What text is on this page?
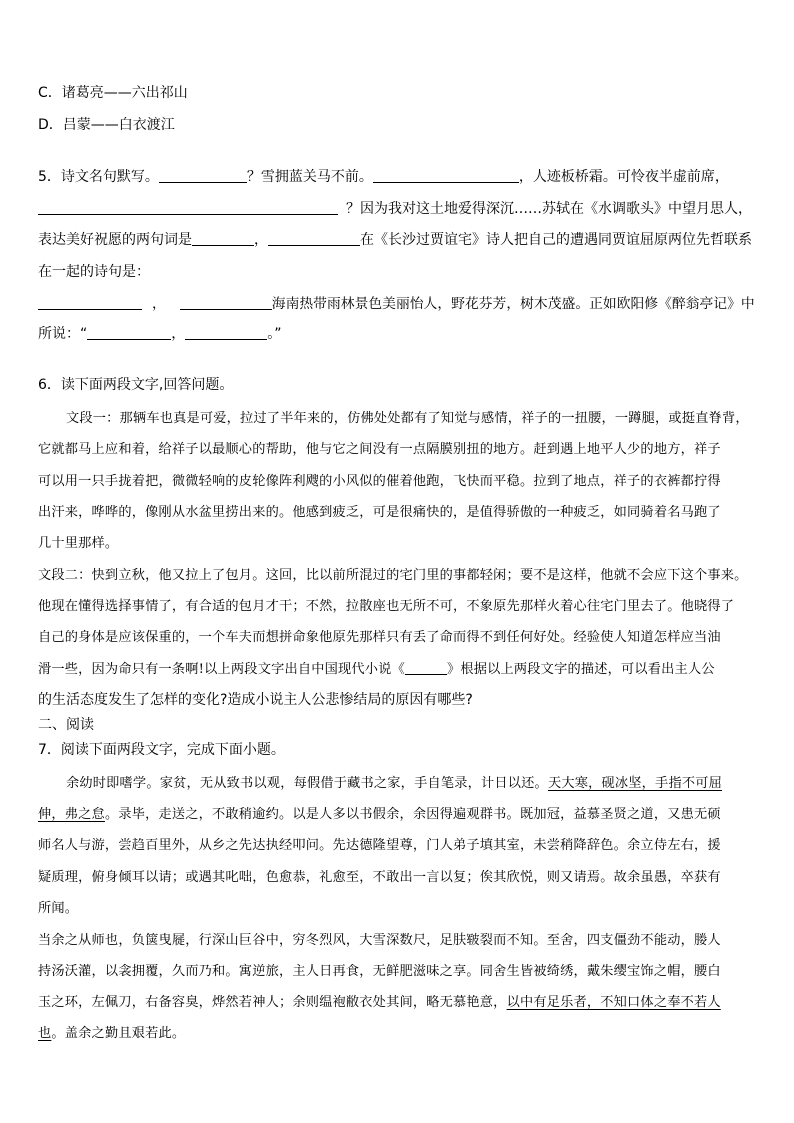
C．诸葛亮——六出祁山
D．吕蒙——白衣渡江
5．诗文名句默写。	？雪拥蓝关马不前。	，人迹板桥霜。可怜夜半虚前席，
？因为我对这土地爱得深沉……苏轼在《水调歌头》中望月思人，
表达美好祝愿的两句词是	，	在《长沙过贾谊宅》诗人把自己的遭遇同贾谊屈原两位先哲联系
在一起的诗句是：
，	海南热带雨林景色美丽怡人，野花芬芳，树木茂盛。正如欧阳修《醉翁亭记》中
所说：“	，	。”
6．读下面两段文字,回答问题。
文段一：那辆车也真是可爱，拉过了半年来的，仿佛处处都有了知觉与感情，祥子的一扭腰，一蹲腿，或挺直脊背，
它就都马上应和着，给祥子以最顺心的帮助，他与它之间没有一点隔膜别扭的地方。赶到遇上地平人少的地方，祥子
可以用一只手拢着把，微微轻响的皮轮像阵利飕的小风似的催着他跑，飞快而平稳。拉到了地点，祥子的衣裤都拧得
出汗来，哗哗的，像刚从水盆里捞出来的。他感到疲乏，可是很痛快的，是值得骄傲的一种疲乏，如同骑着名马跑了
几十里那样。
文段二：快到立秋，他又拉上了包月。这回，比以前所混过的宅门里的事都轻闲；要不是这样，他就不会应下这个事来。
他现在懂得选择事情了，有合适的包月才干；不然，拉散座也无所不可，不象原先那样火着心往宅门里去了。他晓得了
自己的身体是应该保重的，一个车夫而想拼命象他原先那样只有丢了命而得不到任何好处。经验使人知道怎样应当油
滑一些，因为命只有一条啊!以上两段文字出自中国现代小说《	》根据以上两段文字的描述，可以看出主人公
的生活态度发生了怎样的变化?造成小说主人公悲惨结局的原因有哪些?
二、阅读
7．阅读下面两段文字，完成下面小题。
余幼时即嗜学。家贫，无从致书以观，每假借于藏书之家，手自笔录，计日以还。天大寒，砚冰坚，手指不可屈
伸，弗之怠。录毕，走送之，不敢稍逾约。以是人多以书假余，余因得遍观群书。既加冠，益慕圣贤之道，又患无硕
师名人与游，尝趋百里外，从乡之先达执经叩问。先达德隆望尊，门人弟子填其室，未尝稍降辞色。余立侍左右，援
疑质理，俯身倾耳以请；或遇其叱咄，色愈恭，礼愈至，不敢出一言以复；俟其欣悦，则又请焉。故余虽愚，卒获有
所闻。
当余之从师也，负箧曳屣，行深山巨谷中，穷冬烈风，大雪深数尺，足肤皲裂而不知。至舍，四支僵劲不能动，媵人
持汤沃灌，以衾拥覆，久而乃和。寓逆旅，主人日再食，无鲜肥滋味之享。同舍生皆被绮绣，戴朱缨宝饰之帽，腰白
玉之环，左佩刀，右备容臭，烨然若神人；余则缊袍敝衣处其间，略无慕艳意，以中有足乐者，不知口体之奉不若人
也。盖余之勤且艰若此。
